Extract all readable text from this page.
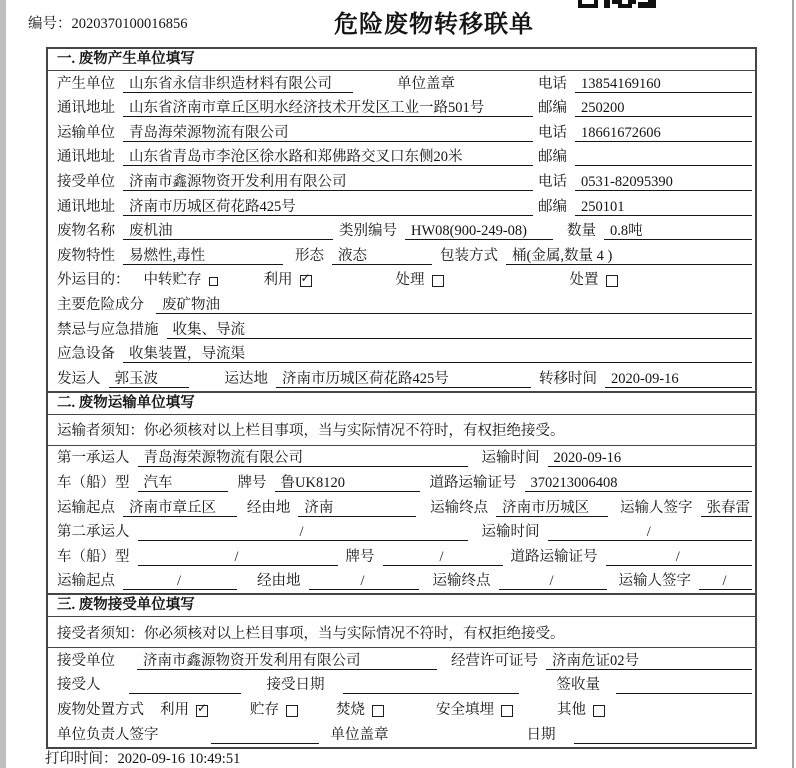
编号：2020370100016856	危险废物转移联单
一. 废物产生单位填写
产生单位 山东省永信非织造材料有限公司	单位盖章	电话 13854169160
通讯地址 山东省济南市章丘区明水经济技术开发区工业一路501号	邮编 250200
运输单位 青岛海荣源物流有限公司	电话 18661672606
通讯地址 山东省青岛市李沧区徐水路和郑佛路交叉口东侧20米	邮编
接受单位 济南市鑫源物资开发利用有限公司	电话 0531-82095390
通讯地址 济南市历城区荷花路425号	邮编 250101
废物名称 废机油	类别编号 HW08(900-249-08)	数量 0.8吨
废物特性 易燃性,毒性	形态 液态	包装方式 桶(金属,数量 4 )
外运目的： 中转贮存	利用 ✓	处理	处置
主要危险成分	废矿物油
禁忌与应急措施 收集、导流
应急设备 收集装置，导流渠
发运人 郭玉波	运达地 济南市历城区荷花路425号	转移时间 2020-09-16
二. 废物运输单位填写
运输者须知：你必须核对以上栏目事项，当与实际情况不符时，有权拒绝接受。
第一承运人 青岛海荣源物流有限公司	运输时间 2020-09-16
车（船）型 汽车	牌号 鲁UK8120	道路运输证号 370213006408
运输起点 济南市章丘区	经由地 济南	运输终点 济南市历城区	运输人签字 张春雷
第二承运人	/	运输时间	/
车（船）型	/	牌号	/	道路运输证号	/
运输起点	/	经由地	/	运输终点	/	运输人签字	/
三. 废物接受单位填写
接受者须知：你必须核对以上栏目事项，当与实际情况不符时，有权拒绝接受。
接受单位	济南市鑫源物资开发利用有限公司	经营许可证号 济南危证02号
接受人	接受日期	签收量
废物处置方式 利用 ✓	贮存	焚烧	安全填埋	其他
单位负责人签字	单位盖章	日期
打印时间：2020-09-16 10:49:51
